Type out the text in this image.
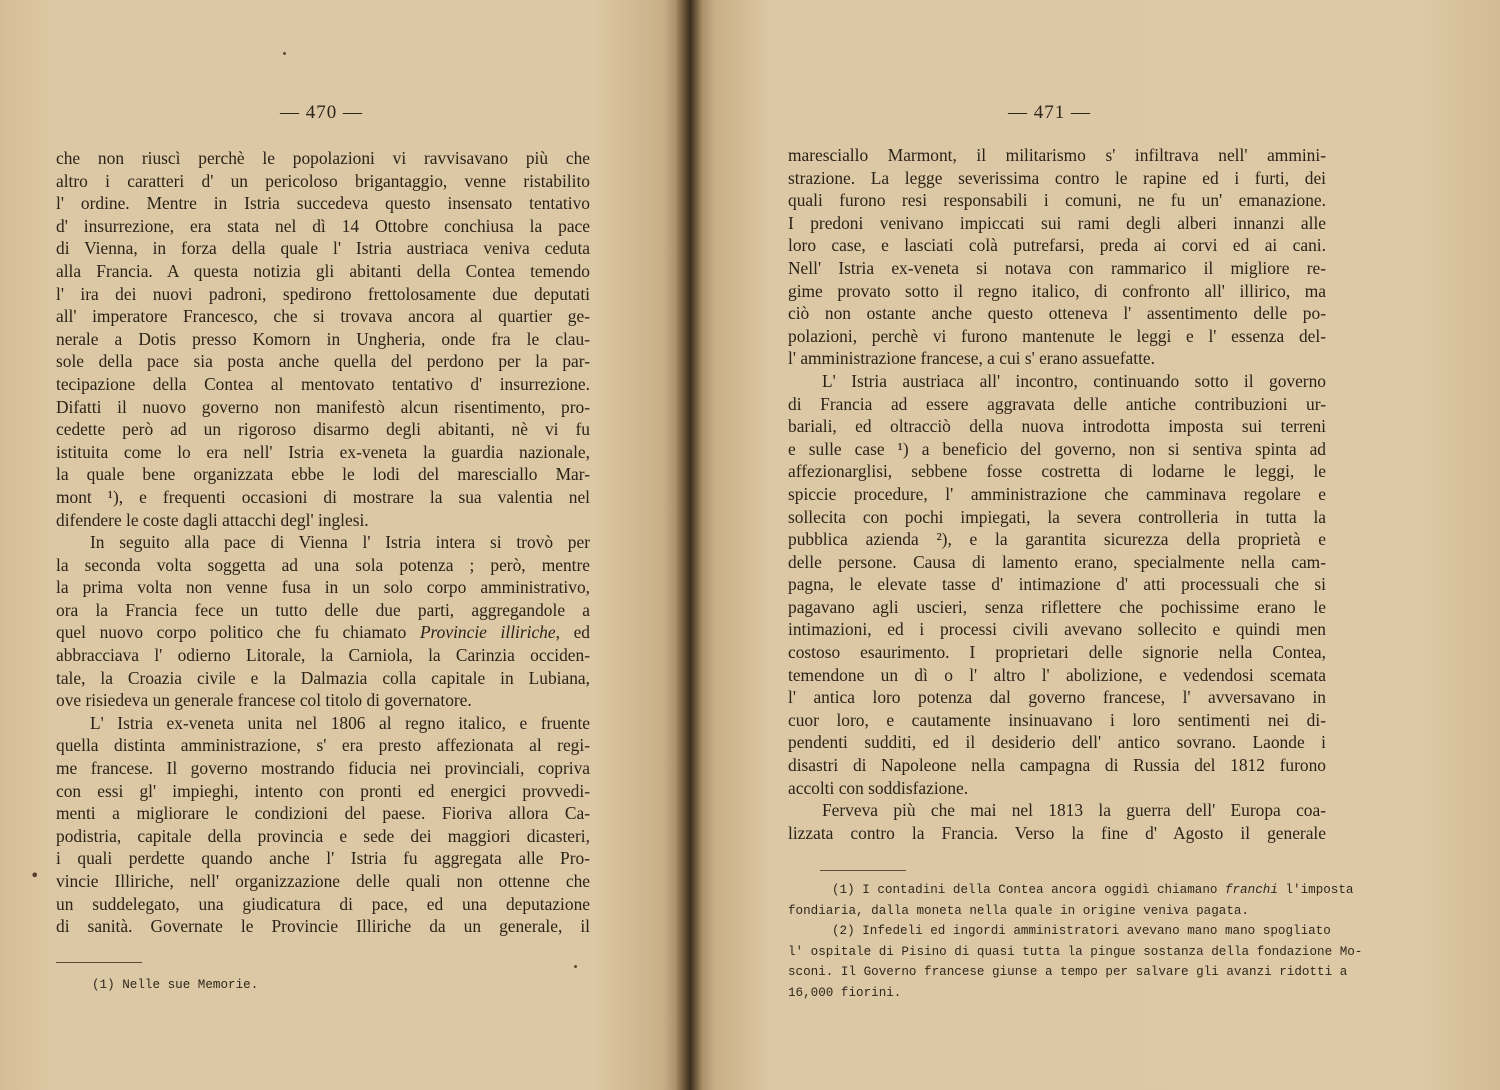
— 470 —

che non riuscì perchè le popolazioni vi ravvisavano più che

altro i caratteri d' un pericoloso brigantaggio, venne ristabilito

l' ordine. Mentre in Istria succedeva questo insensato tentativo

d' insurrezione, era stata nel dì 14 Ottobre conchiusa la pace

di Vienna, in forza della quale l' Istria austriaca veniva ceduta

alla Francia. A questa notizia gli abitanti della Contea temendo

l' ira dei nuovi padroni, spedirono frettolosamente due deputati

all' imperatore Francesco, che si trovava ancora al quartier ge-

nerale a Dotis presso Komorn in Ungheria, onde fra le clau-

sole della pace sia posta anche quella del perdono per la par-

tecipazione della Contea al mentovato tentativo d' insurrezione.

Difatti il nuovo governo non manifestò alcun risentimento, pro-

cedette però ad un rigoroso disarmo degli abitanti, nè vi fu

istituita come lo era nell' Istria ex-veneta la guardia nazionale,

la quale bene organizzata ebbe le lodi del maresciallo Mar-

mont ¹), e frequenti occasioni di mostrare la sua valentia nel

difendere le coste dagli attacchi degl' inglesi.

In seguito alla pace di Vienna l' Istria intera si trovò per

la seconda volta soggetta ad una sola potenza ; però, mentre

la prima volta non venne fusa in un solo corpo amministrativo,

ora la Francia fece un tutto delle due parti, aggregandole a

quel nuovo corpo politico che fu chiamato Provincie illiriche, ed

abbracciava l' odierno Litorale, la Carniola, la Carinzia occiden-

tale, la Croazia civile e la Dalmazia colla capitale in Lubiana,

ove risiedeva un generale francese col titolo di governatore.

L' Istria ex-veneta unita nel 1806 al regno italico, e fruente

quella distinta amministrazione, s' era presto affezionata al regi-

me francese. Il governo mostrando fiducia nei provinciali, copriva

con essi gl' impieghi, intento con pronti ed energici provvedi-

menti a migliorare le condizioni del paese. Fioriva allora Ca-

podistria, capitale della provincia e sede dei maggiori dicasteri,

i quali perdette quando anche l' Istria fu aggregata alle Pro-

vincie Illiriche, nell' organizzazione delle quali non ottenne che

un suddelegato, una giudicatura di pace, ed una deputazione

di sanità. Governate le Provincie Illiriche da un generale, il

•

(1) Nelle sue Memorie.

— 471 —

maresciallo Marmont, il militarismo s' infiltrava nell' ammini-

strazione. La legge severissima contro le rapine ed i furti, dei

quali furono resi responsabili i comuni, ne fu un' emanazione.

I predoni venivano impiccati sui rami degli alberi innanzi alle

loro case, e lasciati colà putrefarsi, preda ai corvi ed ai cani.

Nell' Istria ex-veneta si notava con rammarico il migliore re-

gime provato sotto il regno italico, di confronto all' illirico, ma

ciò non ostante anche questo otteneva l' assentimento delle po-

polazioni, perchè vi furono mantenute le leggi e l' essenza del-

l' amministrazione francese, a cui s' erano assuefatte.

L' Istria austriaca all' incontro, continuando sotto il governo

di Francia ad essere aggravata delle antiche contribuzioni ur-

bariali, ed oltracciò della nuova introdotta imposta sui terreni

e sulle case ¹) a beneficio del governo, non si sentiva spinta ad

affezionarglisi, sebbene fosse costretta di lodarne le leggi, le

spiccie procedure, l' amministrazione che camminava regolare e

sollecita con pochi impiegati, la severa controlleria in tutta la

pubblica azienda ²), e la garantita sicurezza della proprietà e

delle persone. Causa di lamento erano, specialmente nella cam-

pagna, le elevate tasse d' intimazione d' atti processuali che si

pagavano agli uscieri, senza riflettere che pochissime erano le

intimazioni, ed i processi civili avevano sollecito e quindi men

costoso esaurimento. I proprietari delle signorie nella Contea,

temendone un dì o l' altro l' abolizione, e vedendosi scemata

l' antica loro potenza dal governo francese, l' avversavano in

cuor loro, e cautamente insinuavano i loro sentimenti nei di-

pendenti sudditi, ed il desiderio dell' antico sovrano. Laonde i

disastri di Napoleone nella campagna di Russia del 1812 furono

accolti con soddisfazione.

Ferveva più che mai nel 1813 la guerra dell' Europa coa-

lizzata contro la Francia. Verso la fine d' Agosto il generale

(1) I contadini della Contea ancora oggidì chiamano franchi l'imposta

fondiaria, dalla moneta nella quale in origine veniva pagata.

(2) Infedeli ed ingordi amministratori avevano mano mano spogliato

l' ospitale di Pisino di quasi tutta la pingue sostanza della fondazione Mo-

sconi. Il Governo francese giunse a tempo per salvare gli avanzi ridotti a

16,000 fiorini.
